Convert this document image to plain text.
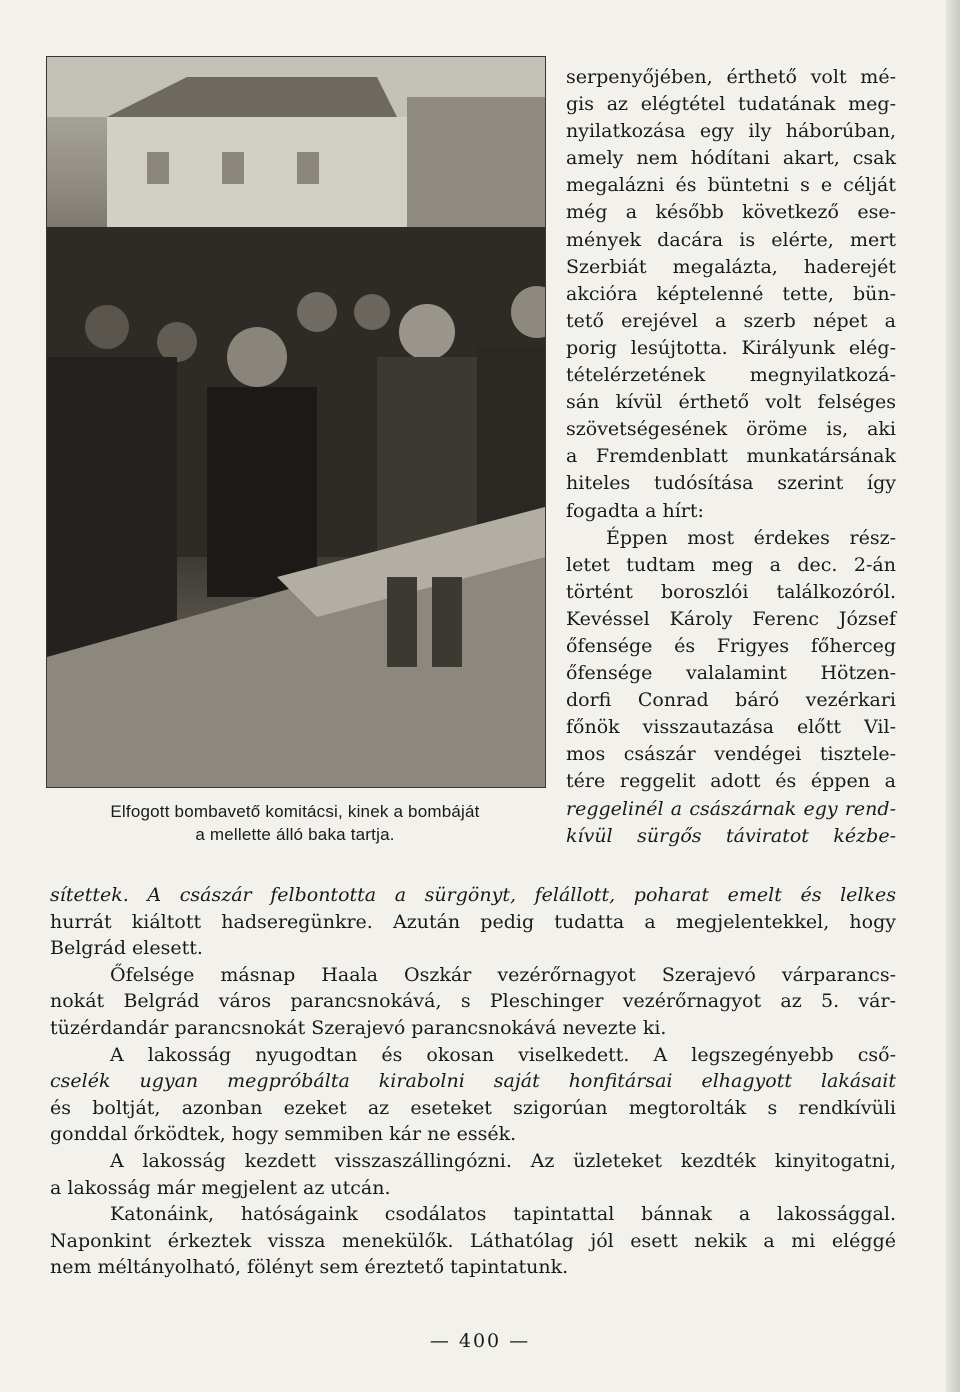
Elfogott bombavető komitácsi, kinek a bombáját
a mellette álló baka tartja.
serpenyőjében, érthető volt mé-
gis az elégtétel tudatának meg-
nyilatkozása egy ily háborúban,
amely nem hódítani akart, csak
megalázni és büntetni s e célját
még a később következő ese-
mények dacára is elérte, mert
Szerbiát megalázta, haderejét
akcióra képtelenné tette, bün-
tető erejével a szerb népet a
porig lesújtotta. Királyunk elég-
tételérzetének megnyilatkozá-
sán kívül érthető volt felséges
szövetségesének öröme is, aki
a Fremdenblatt munkatársának
hiteles tudósítása szerint így
fogadta a hírt:
Éppen most érdekes rész-
letet tudtam meg a dec. 2-án
történt boroszlói találkozóról.
Kevéssel Károly Ferenc József
őfensége és Frigyes főherceg
őfensége valalamint Hötzen-
dorfi Conrad báró vezérkari
főnök visszautazása előtt Vil-
mos császár vendégei tisztele-
tére reggelit adott és éppen a
reggelinél a császárnak egy rend-
kívül sürgős táviratot kézbe-
sítettek. A császár felbontotta a sürgönyt, felállott, poharat emelt és lelkes
hurrát kiáltott hadseregünkre. Azután pedig tudatta a megjelentekkel, hogy
Belgrád elesett.
Őfelsége másnap Haala Oszkár vezérőrnagyot Szerajevó várparancs-
nokát Belgrád város parancsnokává, s Pleschinger vezérőrnagyot az 5. vár-
tüzérdandár parancsnokát Szerajevó parancsnokává nevezte ki.
A lakosság nyugodtan és okosan viselkedett. A legszegényebb cső-
cselék ugyan megpróbálta kirabolni saját honfitársai elhagyott lakásait
és boltját, azonban ezeket az eseteket szigorúan megtorolták s rendkívüli
gonddal őrködtek, hogy semmiben kár ne essék.
A lakosság kezdett visszaszállingózni. Az üzleteket kezdték kinyitogatni,
a lakosság már megjelent az utcán.
Katonáink, hatóságaink csodálatos tapintattal bánnak a lakossággal.
Naponkint érkeztek vissza menekülők. Láthatólag jól esett nekik a mi eléggé
nem méltányolható, fölényt sem éreztető tapintatunk.
— 400 —
